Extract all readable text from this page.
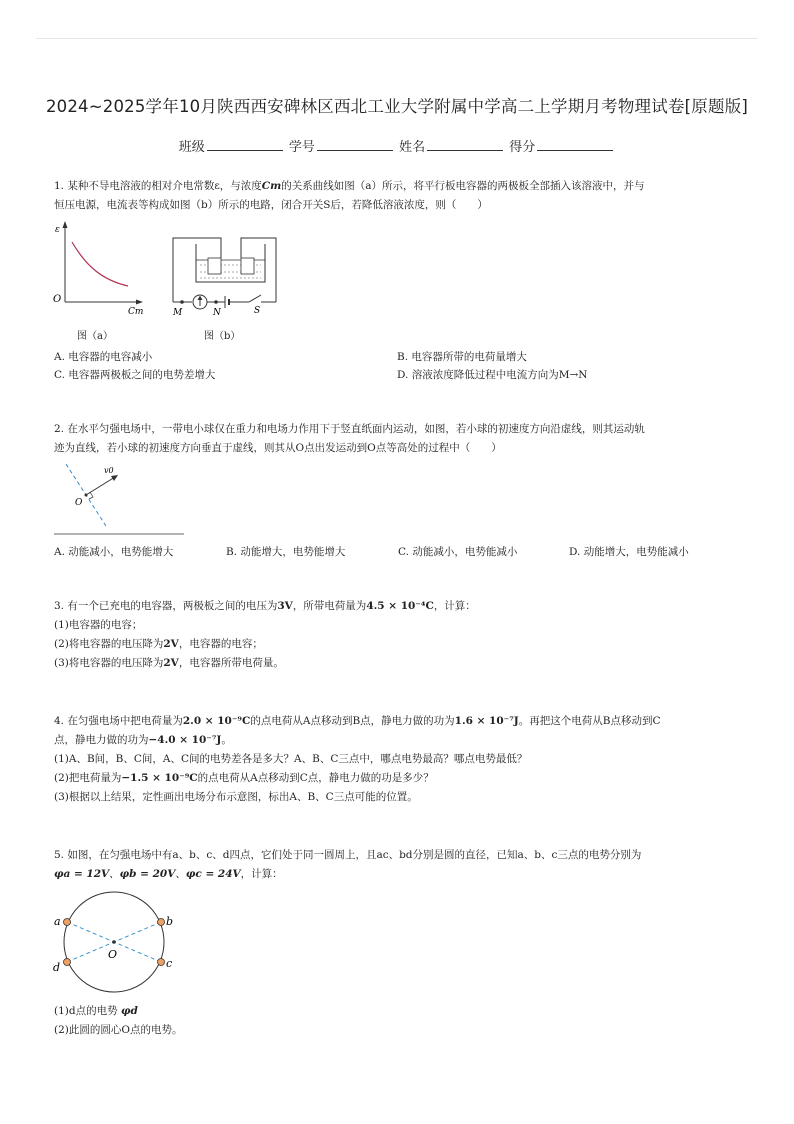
2024~2025学年10月陕西西安碑林区西北工业大学附属中学高二上学期月考物理试卷[原题版]
班级	学号	姓名	得分

1. 某种不导电溶液的相对介电常数ε，与浓度Cm的关系曲线如图（a）所示，将平行板电容器的两极板全部插入该溶液中，并与

恒压电源，电流表等构成如图（b）所示的电路，闭合开关S后，若降低溶液浓度，则（　　）

ε
O
Cm
图（a）
M	N	S
图（b）
A. 电容器的电容减小	B. 电容器所带的电荷量增大
C. 电容器两极板之间的电势差增大	D. 溶液浓度降低过程中电流方向为M→N

2. 在水平匀强电场中，一带电小球仅在重力和电场力作用下于竖直纸面内运动，如图，若小球的初速度方向沿虚线，则其运动轨

迹为直线，若小球的初速度方向垂直于虚线，则其从O点出发运动到O点等高处的过程中（　　）

v0
O
A. 动能减小，电势能增大	B. 动能增大，电势能增大	C. 动能减小，电势能减小	D. 动能增大，电势能减小

3. 有一个已充电的电容器，两极板之间的电压为3V，所带电荷量为4.5 × 10⁻⁴C，计算：

(1)电容器的电容；

(2)将电容器的电压降为2V，电容器的电容；

(3)将电容器的电压降为2V，电容器所带电荷量。

4. 在匀强电场中把电荷量为2.0 × 10⁻⁹C的点电荷从A点移动到B点，静电力做的功为1.6 × 10⁻⁷J。再把这个电荷从B点移动到C

点，静电力做的功为−4.0 × 10⁻⁷J。

(1)A、B间，B、C间，A、C间的电势差各是多大？A、B、C三点中，哪点电势最高？哪点电势最低？

(2)把电荷量为−1.5 × 10⁻⁹C的点电荷从A点移动到C点，静电力做的功是多少？

(3)根据以上结果，定性画出电场分布示意图，标出A、B、C三点可能的位置。

5. 如图，在匀强电场中有a、b、c、d四点，它们处于同一圆周上，且ac、bd分别是圆的直径，已知a、b、c三点的电势分别为

φa = 12V、φb = 20V、φc = 24V，计算：

a	b
c
d
O

(1)d点的电势 φd

(2)此圆的圆心O点的电势。
